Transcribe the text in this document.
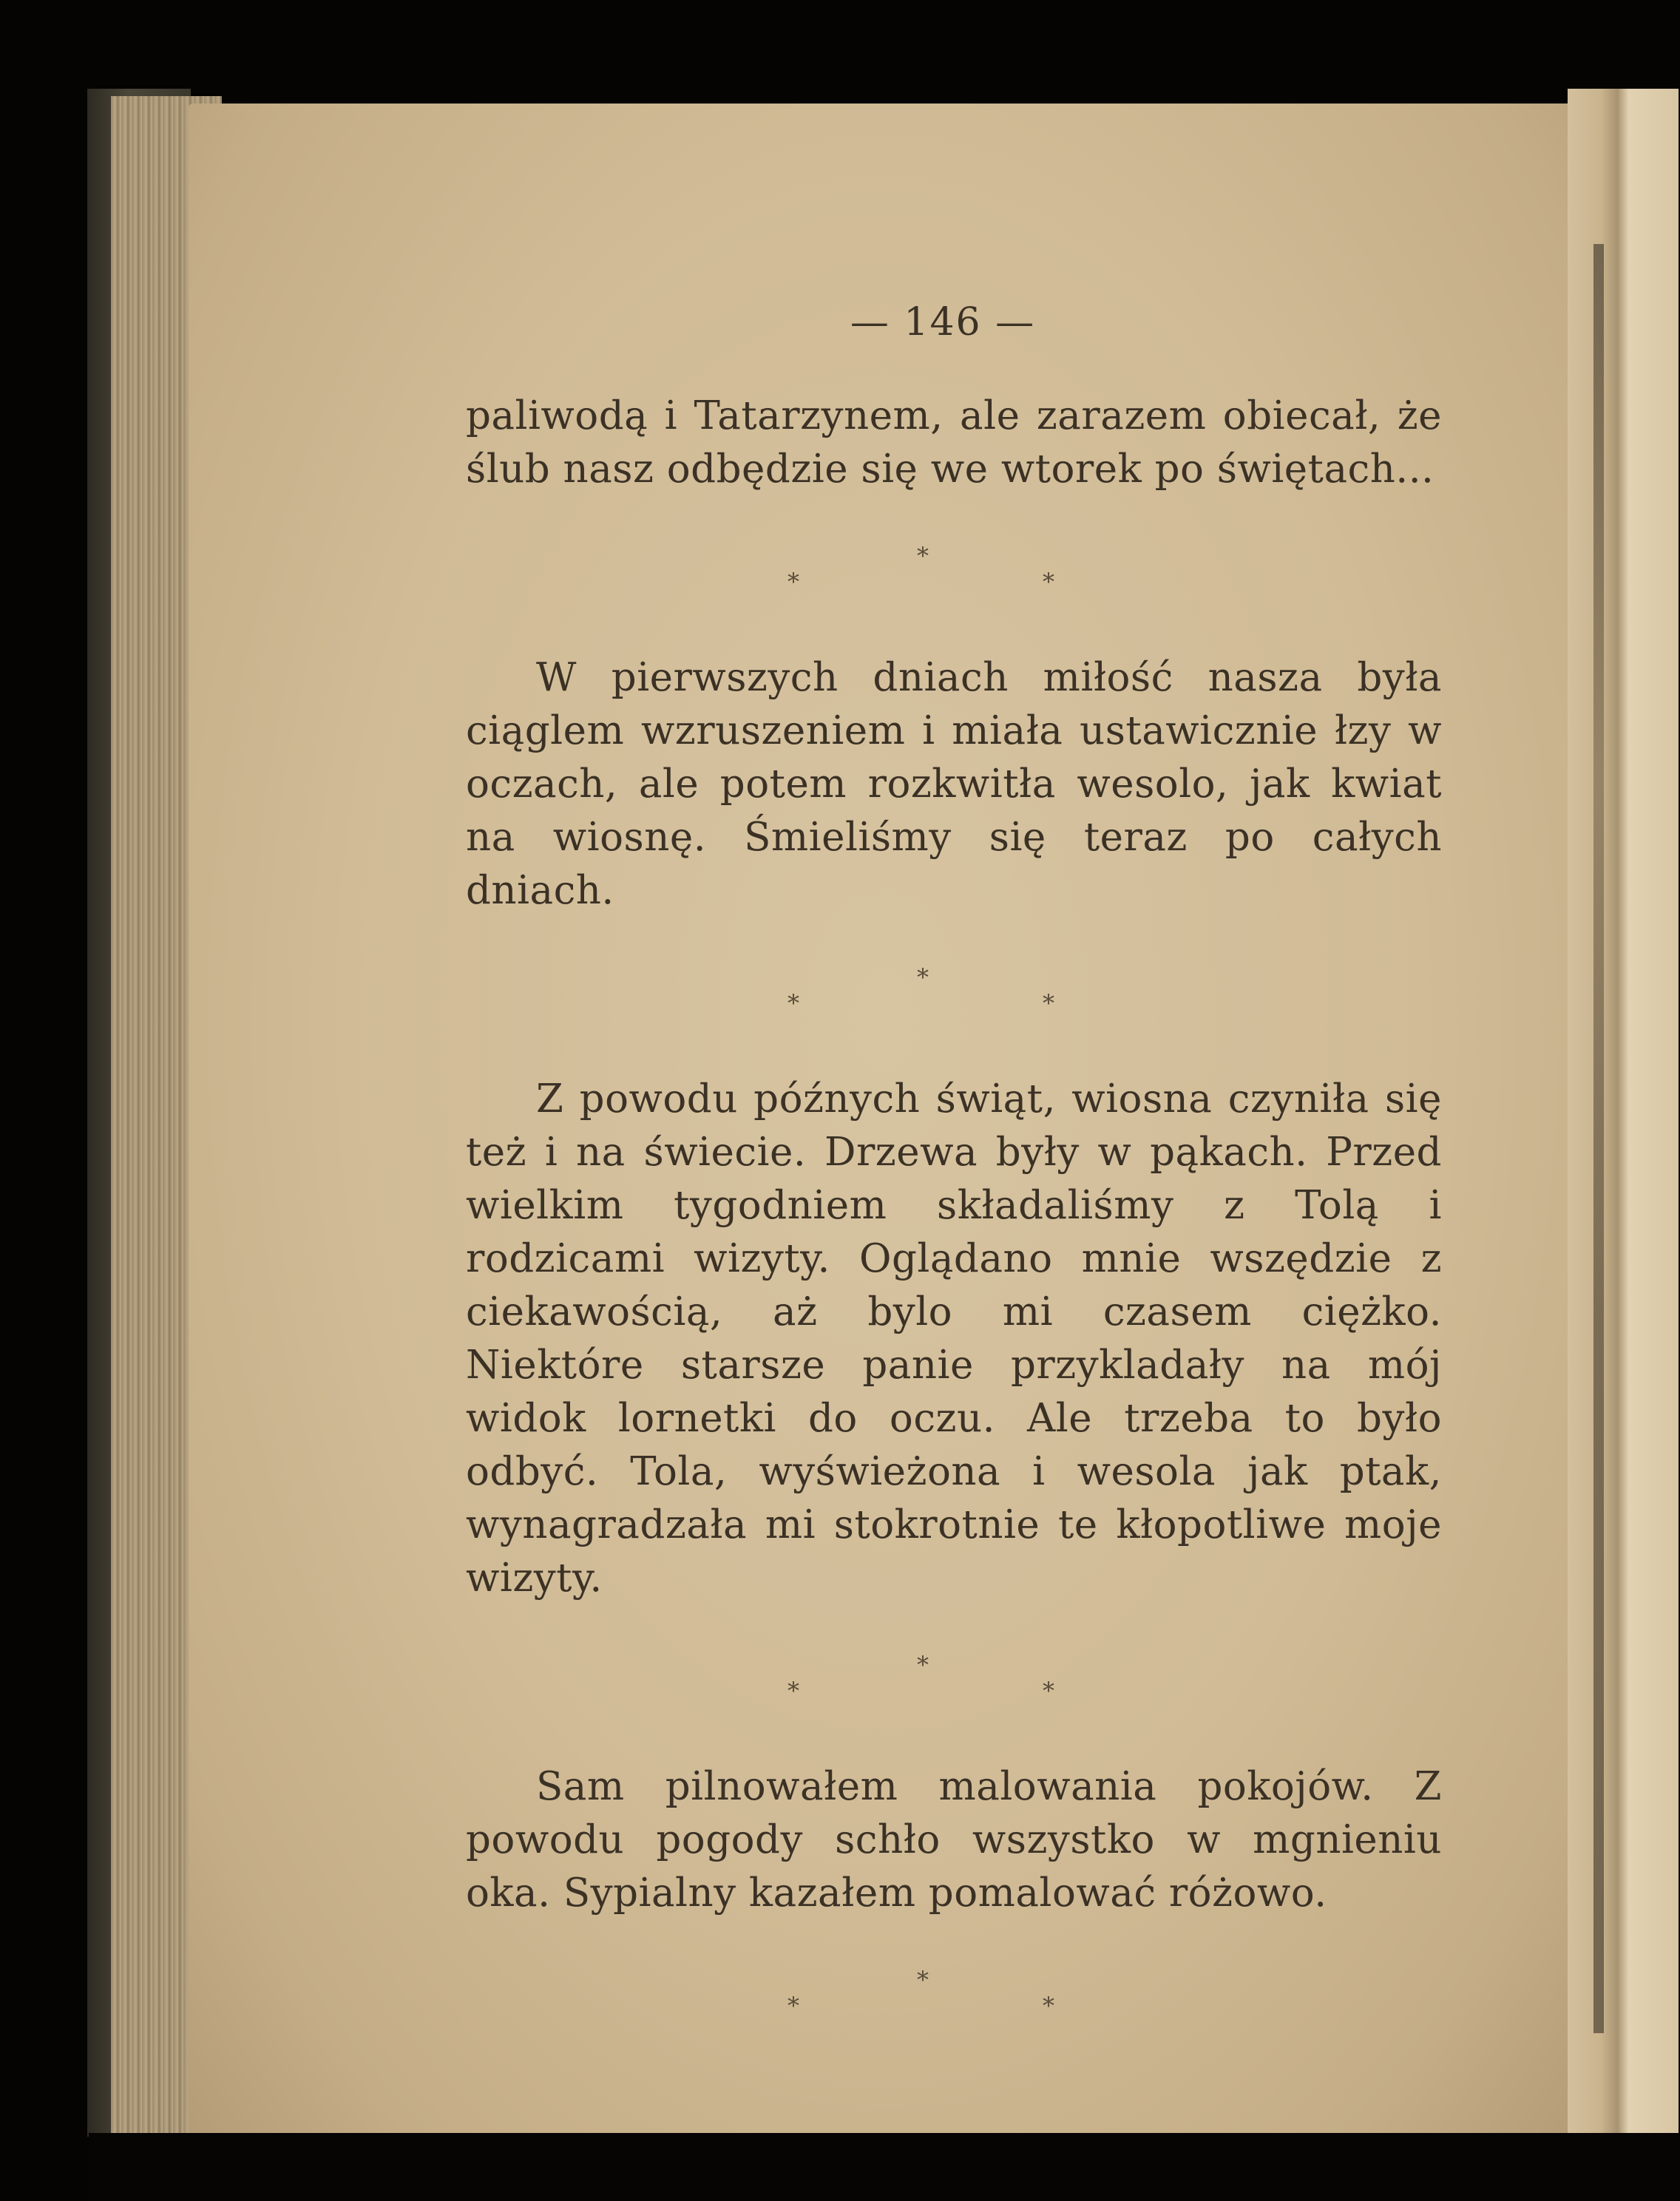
— 146 —

paliwodą i Tatarzynem, ale zarazem obiecał, że ślub nasz odbędzie się we wtorek po świętach...

*
*
*

W pierwszych dniach miłość nasza była ciąglem wzruszeniem i miała ustawicznie łzy w oczach, ale potem rozkwitła wesolo, jak kwiat na wiosnę. Śmieliśmy się teraz po całych dniach.

*
*
*

Z powodu późnych świąt, wiosna czyniła się też i na świecie. Drzewa były w pąkach. Przed wielkim tygodniem składaliśmy z Tolą i rodzicami wizyty. Oglądano mnie wszędzie z ciekawością, aż bylo mi czasem ciężko. Niektóre starsze panie przykladały na mój widok lornetki do oczu. Ale trzeba to było odbyć. Tola, wyświeżona i wesola jak ptak, wynagradzała mi stokrotnie te kłopotliwe moje wizyty.

*
*
*

Sam pilnowałem malowania pokojów. Z powodu pogody schło wszystko w mgnieniu oka. Sypialny kazałem pomalować różowo.

*
*
*
